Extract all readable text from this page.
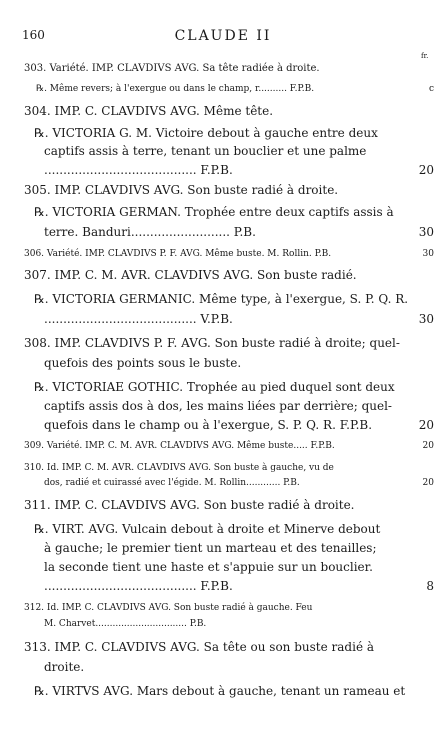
160	CLAUDE II
fr.
303. Variété. IMP. CLAVDIVS AVG. Sa tête radiée à droite.
℞. Même revers; à l'exergue ou dans le champ, r.......... F.P.B.	c
304. IMP. C. CLAVDIVS AVG. Même tête.
℞. VICTORIA G. M. Victoire debout à gauche entre deux
captifs assis à terre, tenant un bouclier et une palme
........................................ F.P.B.	20
305. IMP. CLAVDIVS AVG. Son buste radié à droite.
℞. VICTORIA GERMAN. Trophée entre deux captifs assis à
terre. Banduri.......................... P.B.	30
306. Variété. IMP. CLAVDIVS P. F. AVG. Même buste. M. Rollin. P.B.	30
307. IMP. C. M. AVR. CLAVDIVS AVG. Son buste radié.
℞. VICTORIA GERMANIC. Même type, à l'exergue, S. P. Q. R.
........................................ V.P.B.	30
308. IMP. CLAVDIVS P. F. AVG. Son buste radié à droite; quel-
quefois des points sous le buste.
℞. VICTORIAE GOTHIC. Trophée au pied duquel sont deux
captifs assis dos à dos, les mains liées par derrière; quel-
quefois dans le champ ou à l'exergue, S. P. Q. R. F.P.B.	20
309. Variété. IMP. C. M. AVR. CLAVDIVS AVG. Même buste..... F.P.B.	20
310. Id. IMP. C. M. AVR. CLAVDIVS AVG. Son buste à gauche, vu de
dos, radié et cuirassé avec l'égide. M. Rollin............ P.B.	20
311. IMP. C. CLAVDIVS AVG. Son buste radié à droite.
℞. VIRT. AVG. Vulcain debout à droite et Minerve debout
à gauche; le premier tient un marteau et des tenailles;
la seconde tient une haste et s'appuie sur un bouclier.
........................................ F.P.B.	8
312. Id. IMP. C. CLAVDIVS AVG. Son buste radié à gauche. Feu
M. Charvet................................ P.B.
313. IMP. C. CLAVDIVS AVG. Sa tête ou son buste radié à
droite.
℞. VIRTVS AVG. Mars debout à gauche, tenant un rameau et
